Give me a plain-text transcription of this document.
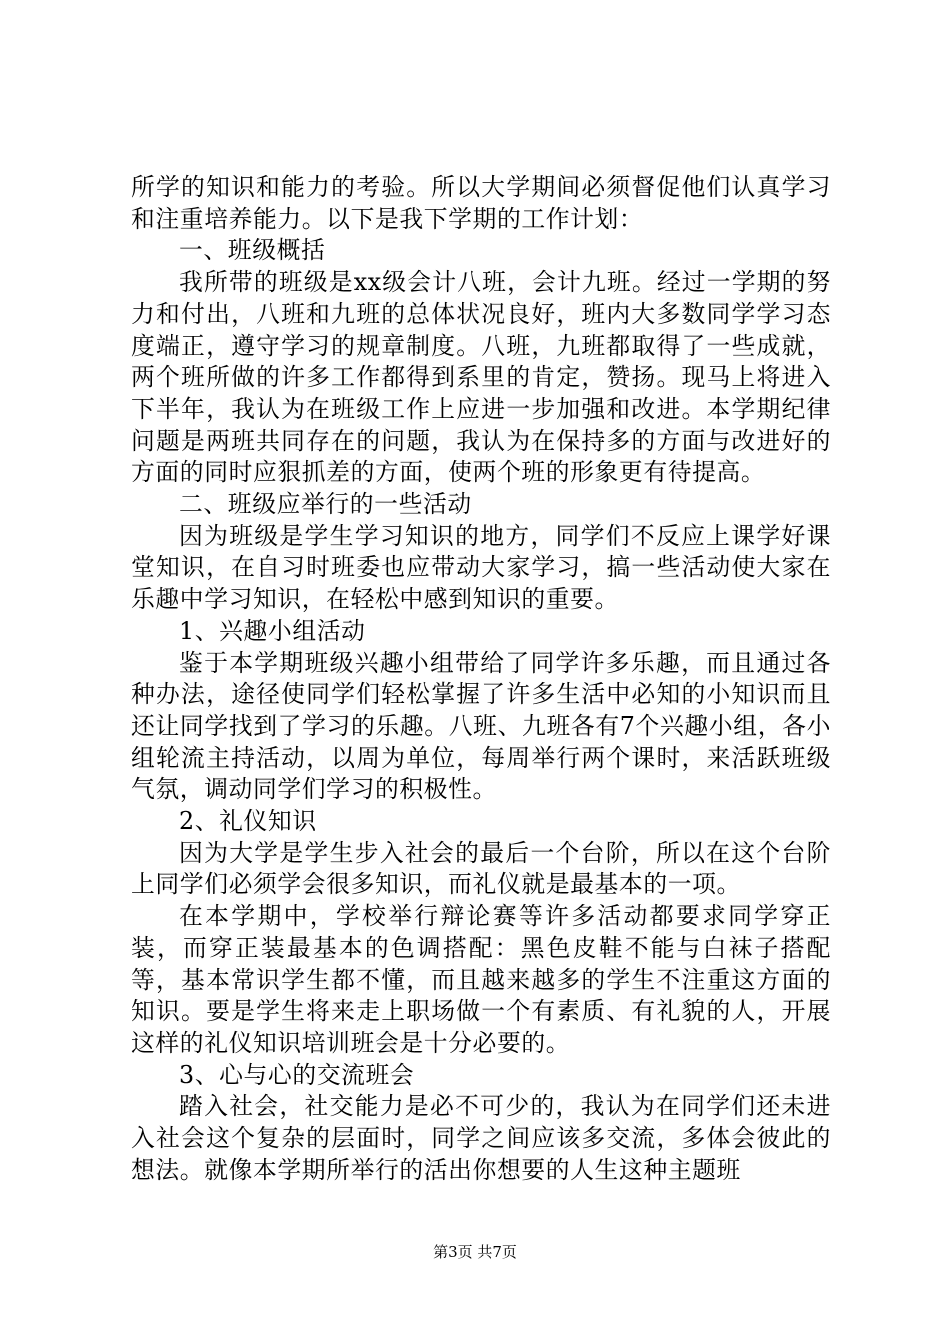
所学的知识和能力的考验。所以大学期间必须督促他们认真学习和注重培养能力。以下是我下学期的工作计划：

一、班级概括

我所带的班级是xx级会计八班，会计九班。经过一学期的努力和付出，八班和九班的总体状况良好，班内大多数同学学习态度端正，遵守学习的规章制度。八班，九班都取得了一些成就，两个班所做的许多工作都得到系里的肯定，赞扬。现马上将进入下半年，我认为在班级工作上应进一步加强和改进。本学期纪律问题是两班共同存在的问题，我认为在保持多的方面与改进好的方面的同时应狠抓差的方面，使两个班的形象更有待提高。

二、班级应举行的一些活动

因为班级是学生学习知识的地方，同学们不反应上课学好课堂知识，在自习时班委也应带动大家学习，搞一些活动使大家在乐趣中学习知识，在轻松中感到知识的重要。

1、兴趣小组活动

鉴于本学期班级兴趣小组带给了同学许多乐趣，而且通过各种办法，途径使同学们轻松掌握了许多生活中必知的小知识而且还让同学找到了学习的乐趣。八班、九班各有7个兴趣小组，各小组轮流主持活动，以周为单位，每周举行两个课时，来活跃班级气氛，调动同学们学习的积极性。

2、礼仪知识

因为大学是学生步入社会的最后一个台阶，所以在这个台阶上同学们必须学会很多知识，而礼仪就是最基本的一项。

在本学期中，学校举行辩论赛等许多活动都要求同学穿正装，而穿正装最基本的色调搭配：黑色皮鞋不能与白袜子搭配等，基本常识学生都不懂，而且越来越多的学生不注重这方面的知识。要是学生将来走上职场做一个有素质、有礼貌的人，开展这样的礼仪知识培训班会是十分必要的。

3、心与心的交流班会

踏入社会，社交能力是必不可少的，我认为在同学们还未进入社会这个复杂的层面时，同学之间应该多交流，多体会彼此的想法。就像本学期所举行的活出你想要的人生这种主题班

第3页 共7页
